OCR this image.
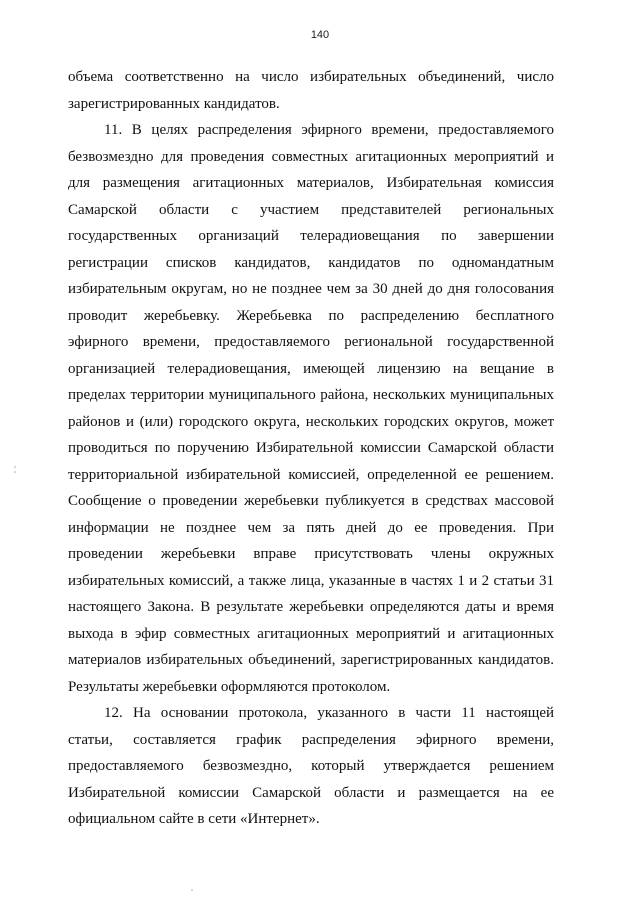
140
объема соответственно на число избирательных объединений, число
зарегистрированных кандидатов.
11. В целях распределения эфирного времени, предоставляемого
безвозмездно для проведения совместных агитационных мероприятий и
для размещения агитационных материалов, Избирательная комиссия
Самарской области с участием представителей региональных
государственных организаций телерадиовещания по завершении
регистрации списков кандидатов, кандидатов по одномандатным
избирательным округам, но не позднее чем за 30 дней до дня голосования
проводит жеребьевку. Жеребьевка по распределению бесплатного
эфирного времени, предоставляемого региональной государственной
организацией телерадиовещания, имеющей лицензию на вещание в
пределах территории муниципального района, нескольких муниципальных
районов и (или) городского округа, нескольких городских округов, может
проводиться по поручению Избирательной комиссии Самарской области
территориальной избирательной комиссией, определенной ее решением.
Сообщение о проведении жеребьевки публикуется в средствах массовой
информации не позднее чем за пять дней до ее проведения. При
проведении жеребьевки вправе присутствовать члены окружных
избирательных комиссий, а также лица, указанные в частях 1 и 2 статьи 31
настоящего Закона. В результате жеребьевки определяются даты и время
выхода в эфир совместных агитационных мероприятий и агитационных
материалов избирательных объединений, зарегистрированных кандидатов.
Результаты жеребьевки оформляются протоколом.
12. На основании протокола, указанного в части 11 настоящей
статьи, составляется график распределения эфирного времени,
предоставляемого безвозмездно, который утверждается решением
Избирательной комиссии Самарской области и размещается на ее
официальном сайте в сети «Интернет».
